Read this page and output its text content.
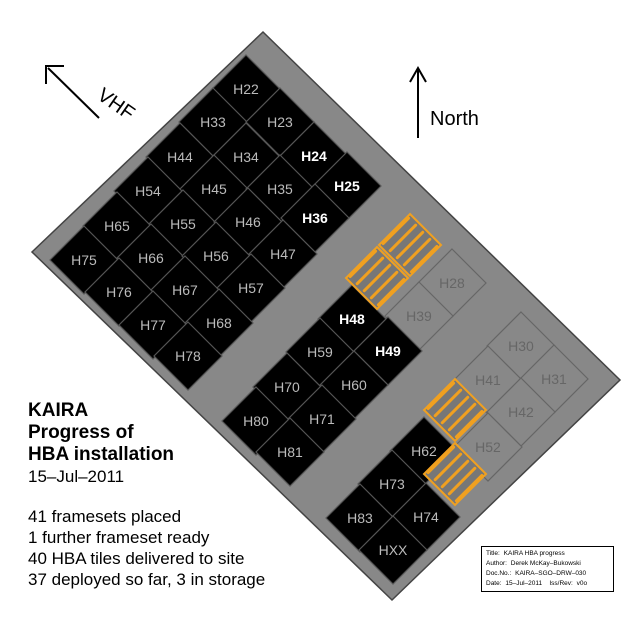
H22
H33	H23
H44	H34	H24
H54	H45	H35	H25
H65	H55	H46	H36
H75	H66	H56	H47
H76	H67	H57
H77	H68
H78
H28
H39
H48
H49
H59
H70	H60
H80	H71
H81
H30
H41	H31
H42
H52
H62
H73
H83	H74
HXX
VHF	North
KAIRA
Progress of
HBA installation
15–Jul–2011
41 framesets placed
1 further frameset ready
40 HBA tiles delivered to site
37 deployed so far, 3 in storage
Title: KAIRA HBA progress
Author: Derek McKay–Bukowski
Doc.No.: KAIRA–SGO–DRW–030
Date: 15–Jul–2011 Iss/Rev: v0o
